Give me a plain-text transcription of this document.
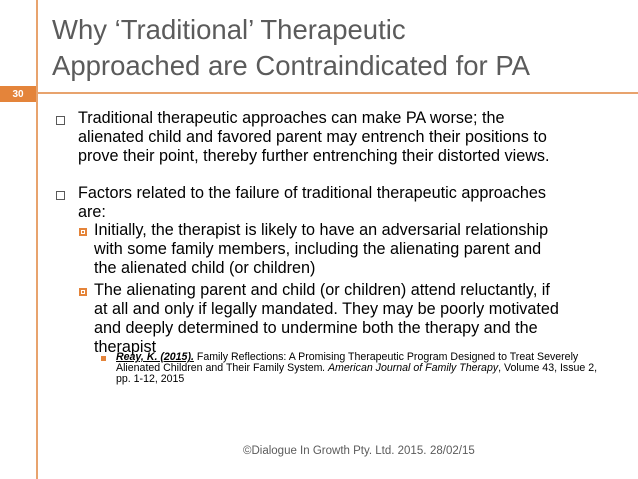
Why ‘Traditional’ Therapeutic
Approached are Contraindicated for PA
30
Traditional therapeutic approaches can make PA worse; the
alienated child and favored parent may entrench their positions to
prove their point, thereby further entrenching their distorted views.
Factors related to the failure of traditional therapeutic approaches
are:
Initially, the therapist is likely to have an adversarial relationship
with some family members, including the alienating parent and
the alienated child (or children)
The alienating parent and child (or children) attend reluctantly, if
at all and only if legally mandated. They may be poorly motivated
and deeply determined to undermine both the therapy and the
therapist
Reay, K. (2015). Family Reflections: A Promising Therapeutic Program Designed to Treat Severely
Alienated Children and Their Family System. American Journal of Family Therapy, Volume 43, Issue 2,
pp. 1-12, 2015
©Dialogue In Growth Pty. Ltd. 2015. 28/02/15
